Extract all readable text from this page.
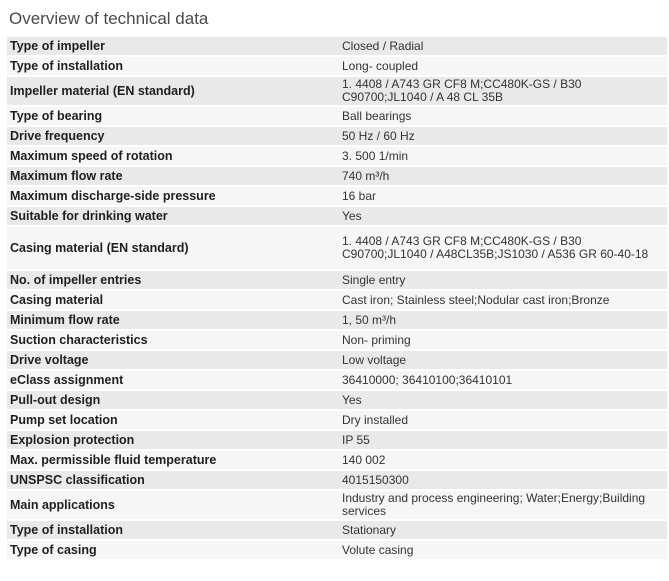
Overview of technical data
Type of impeller	Closed / Radial
Type of installation	Long- coupled
Impeller material (EN standard)	1. 4408 / A743 GR CF8 M;CC480K-GS / B30 C90700;JL1040 / A 48 CL 35B
Type of bearing	Ball bearings
Drive frequency	50 Hz / 60 Hz
Maximum speed of rotation	3. 500 1/min
Maximum flow rate	740 m³/h
Maximum discharge-side pressure	16 bar
Suitable for drinking water	Yes
Casing material (EN standard)	1. 4408 / A743 GR CF8 M;CC480K-GS / B30 C90700;JL1040 / A48CL35B;JS1030 / A536 GR 60-40-18
No. of impeller entries	Single entry
Casing material	Cast iron; Stainless steel;Nodular cast iron;Bronze
Minimum flow rate	1, 50 m³/h
Suction characteristics	Non- priming
Drive voltage	Low voltage
eClass assignment	36410000; 36410100;36410101
Pull-out design	Yes
Pump set location	Dry installed
Explosion protection	IP 55
Max. permissible fluid temperature	140 002
UNSPSC classification	4015150300
Main applications	Industry and process engineering; Water;Energy;Building services
Type of installation	Stationary
Type of casing	Volute casing
